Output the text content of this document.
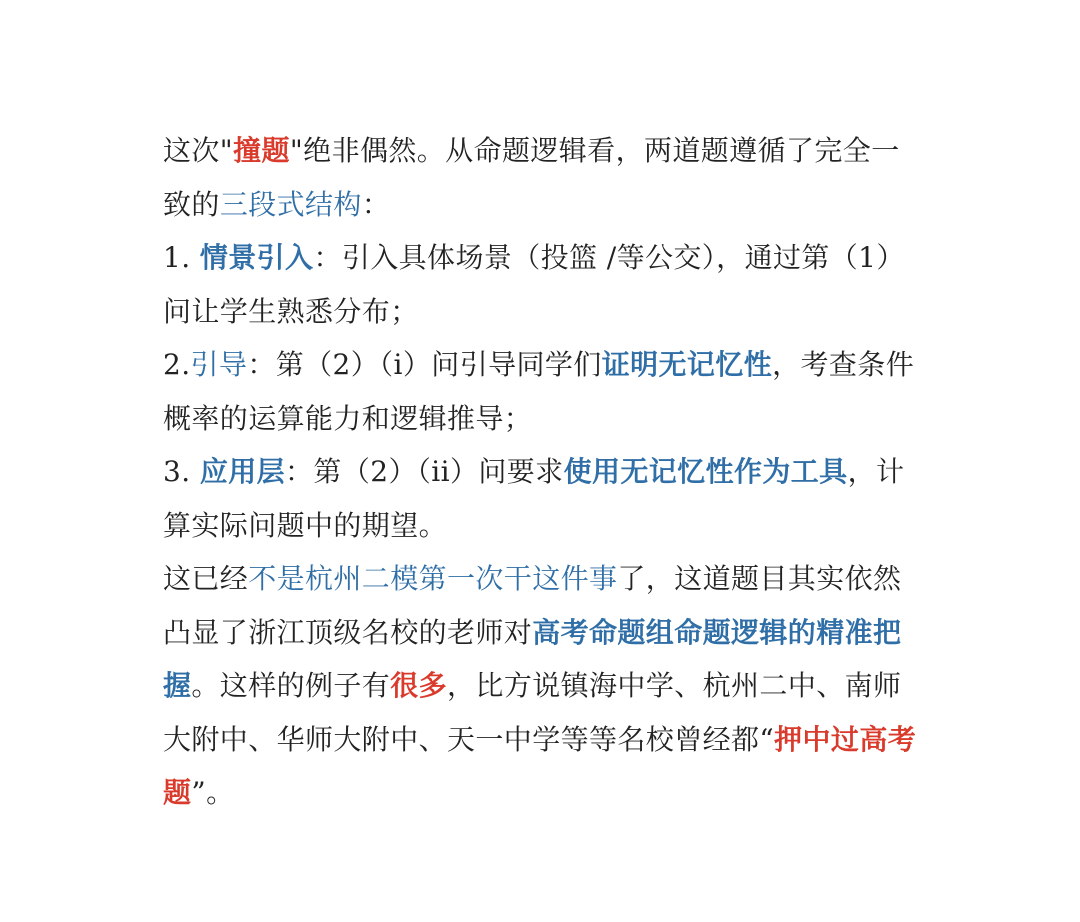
这次"撞题"绝非偶然。从命题逻辑看，两道题遵循了完全一致的三段式结构：

1. 情景引入：引入具体场景（投篮 /等公交），通过第（1）问让学生熟悉分布；

2.引导：第（2）（i）问引导同学们证明无记忆性，考查条件概率的运算能力和逻辑推导；

3. 应用层：第（2）（ii）问要求使用无记忆性作为工具，计算实际问题中的期望。

这已经不是杭州二模第一次干这件事了，这道题目其实依然凸显了浙江顶级名校的老师对高考命题组命题逻辑的精准把握。这样的例子有很多，比方说镇海中学、杭州二中、南师大附中、华师大附中、天一中学等等名校曾经都“押中过高考题”。
